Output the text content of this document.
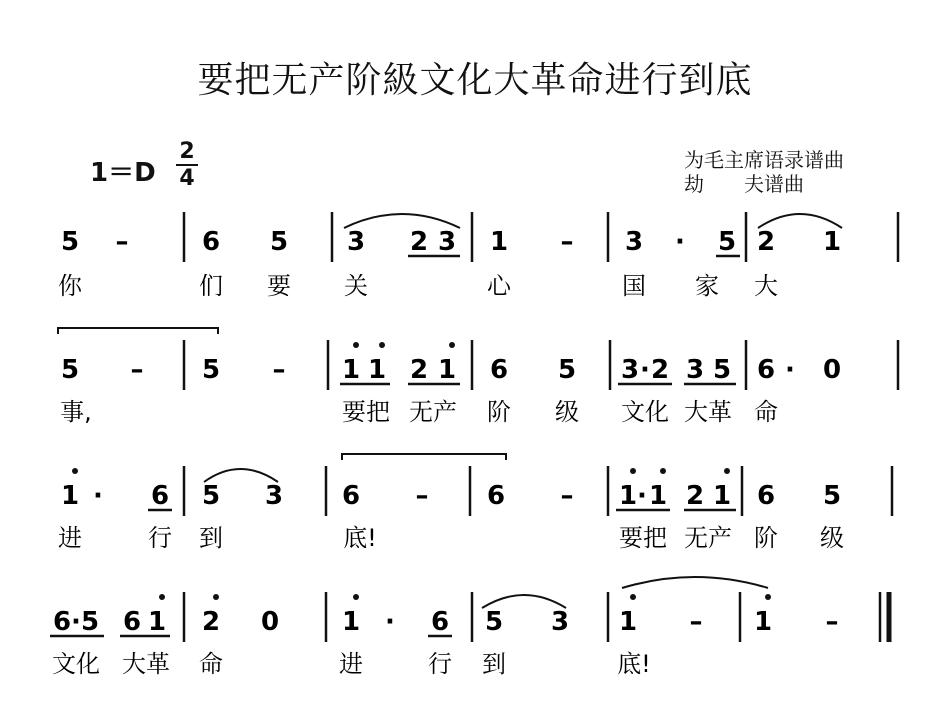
要把无产阶級文化大革命进行到底
1＝D
2
4
为毛主席语录谱曲
劫　　夫谱曲
5 –	6 5 3 2 3 1 – 3 · 5 2 1
5 – 5 – 1 1 2 1 6 5 3 · 2 3 5 6 · 0
1 · 6 5 3 6 – 6 – 1 · 1 2 1 6 5
6 · 5 6 1 2 0 1 · 6 5 3 1 – 1 –
你	们 要 关	心	国 家 大
事,	要把 无产 阶 级 文化 大革 命
进	行 到	底!	要把 无产 阶 级
文化 大革 命	进	行 到	底!
